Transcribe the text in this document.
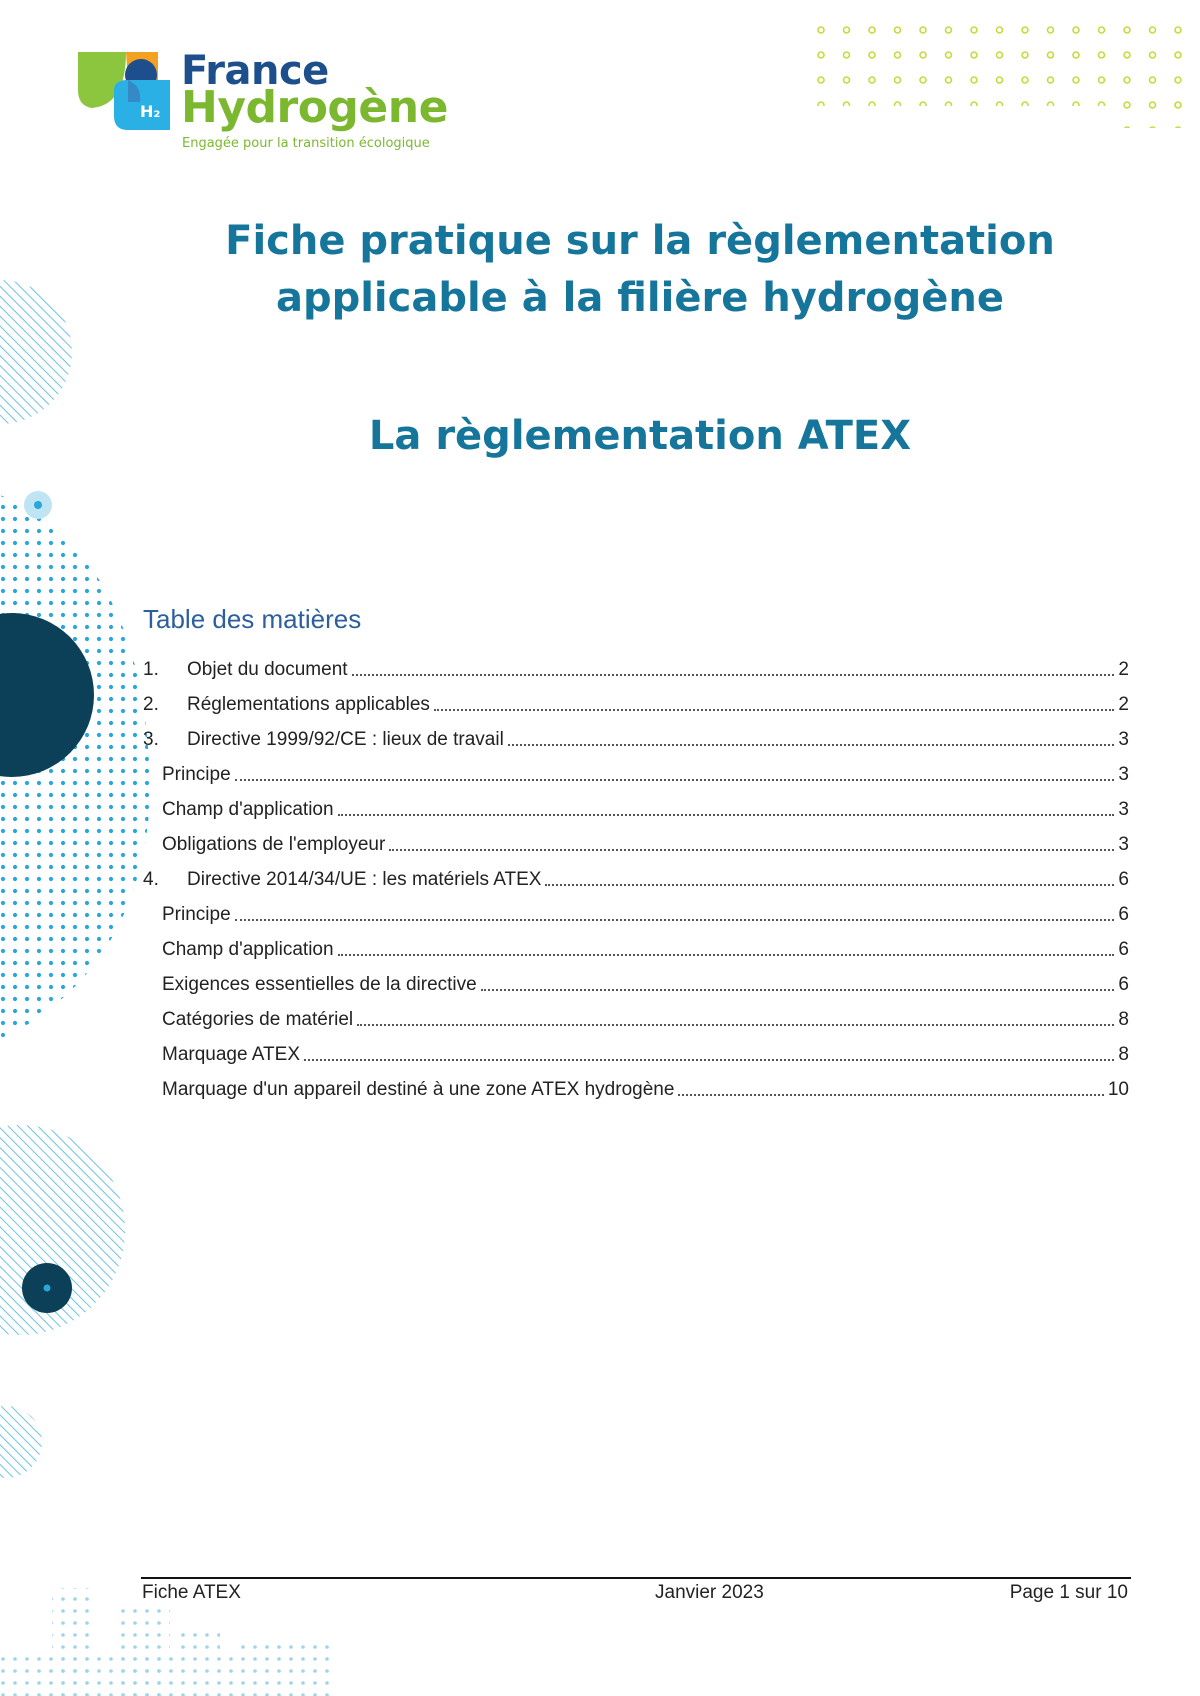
H₂
France
Hydrogène
Engagée pour la transition écologique
Fiche pratique sur la règlementation
applicable à la filière hydrogène
La règlementation ATEX
Table des matières
1.	Objet du document	2
2.	Réglementations applicables	2
3.	Directive 1999/92/CE : lieux de travail	3
Principe	3
Champ d'application	3
Obligations de l'employeur	3
4.	Directive 2014/34/UE : les matériels ATEX	6
Principe	6
Champ d'application	6
Exigences essentielles de la directive	6
Catégories de matériel	8
Marquage ATEX	8
Marquage d'un appareil destiné à une zone ATEX hydrogène	10
Fiche ATEX	Janvier 2023	Page 1 sur 10
